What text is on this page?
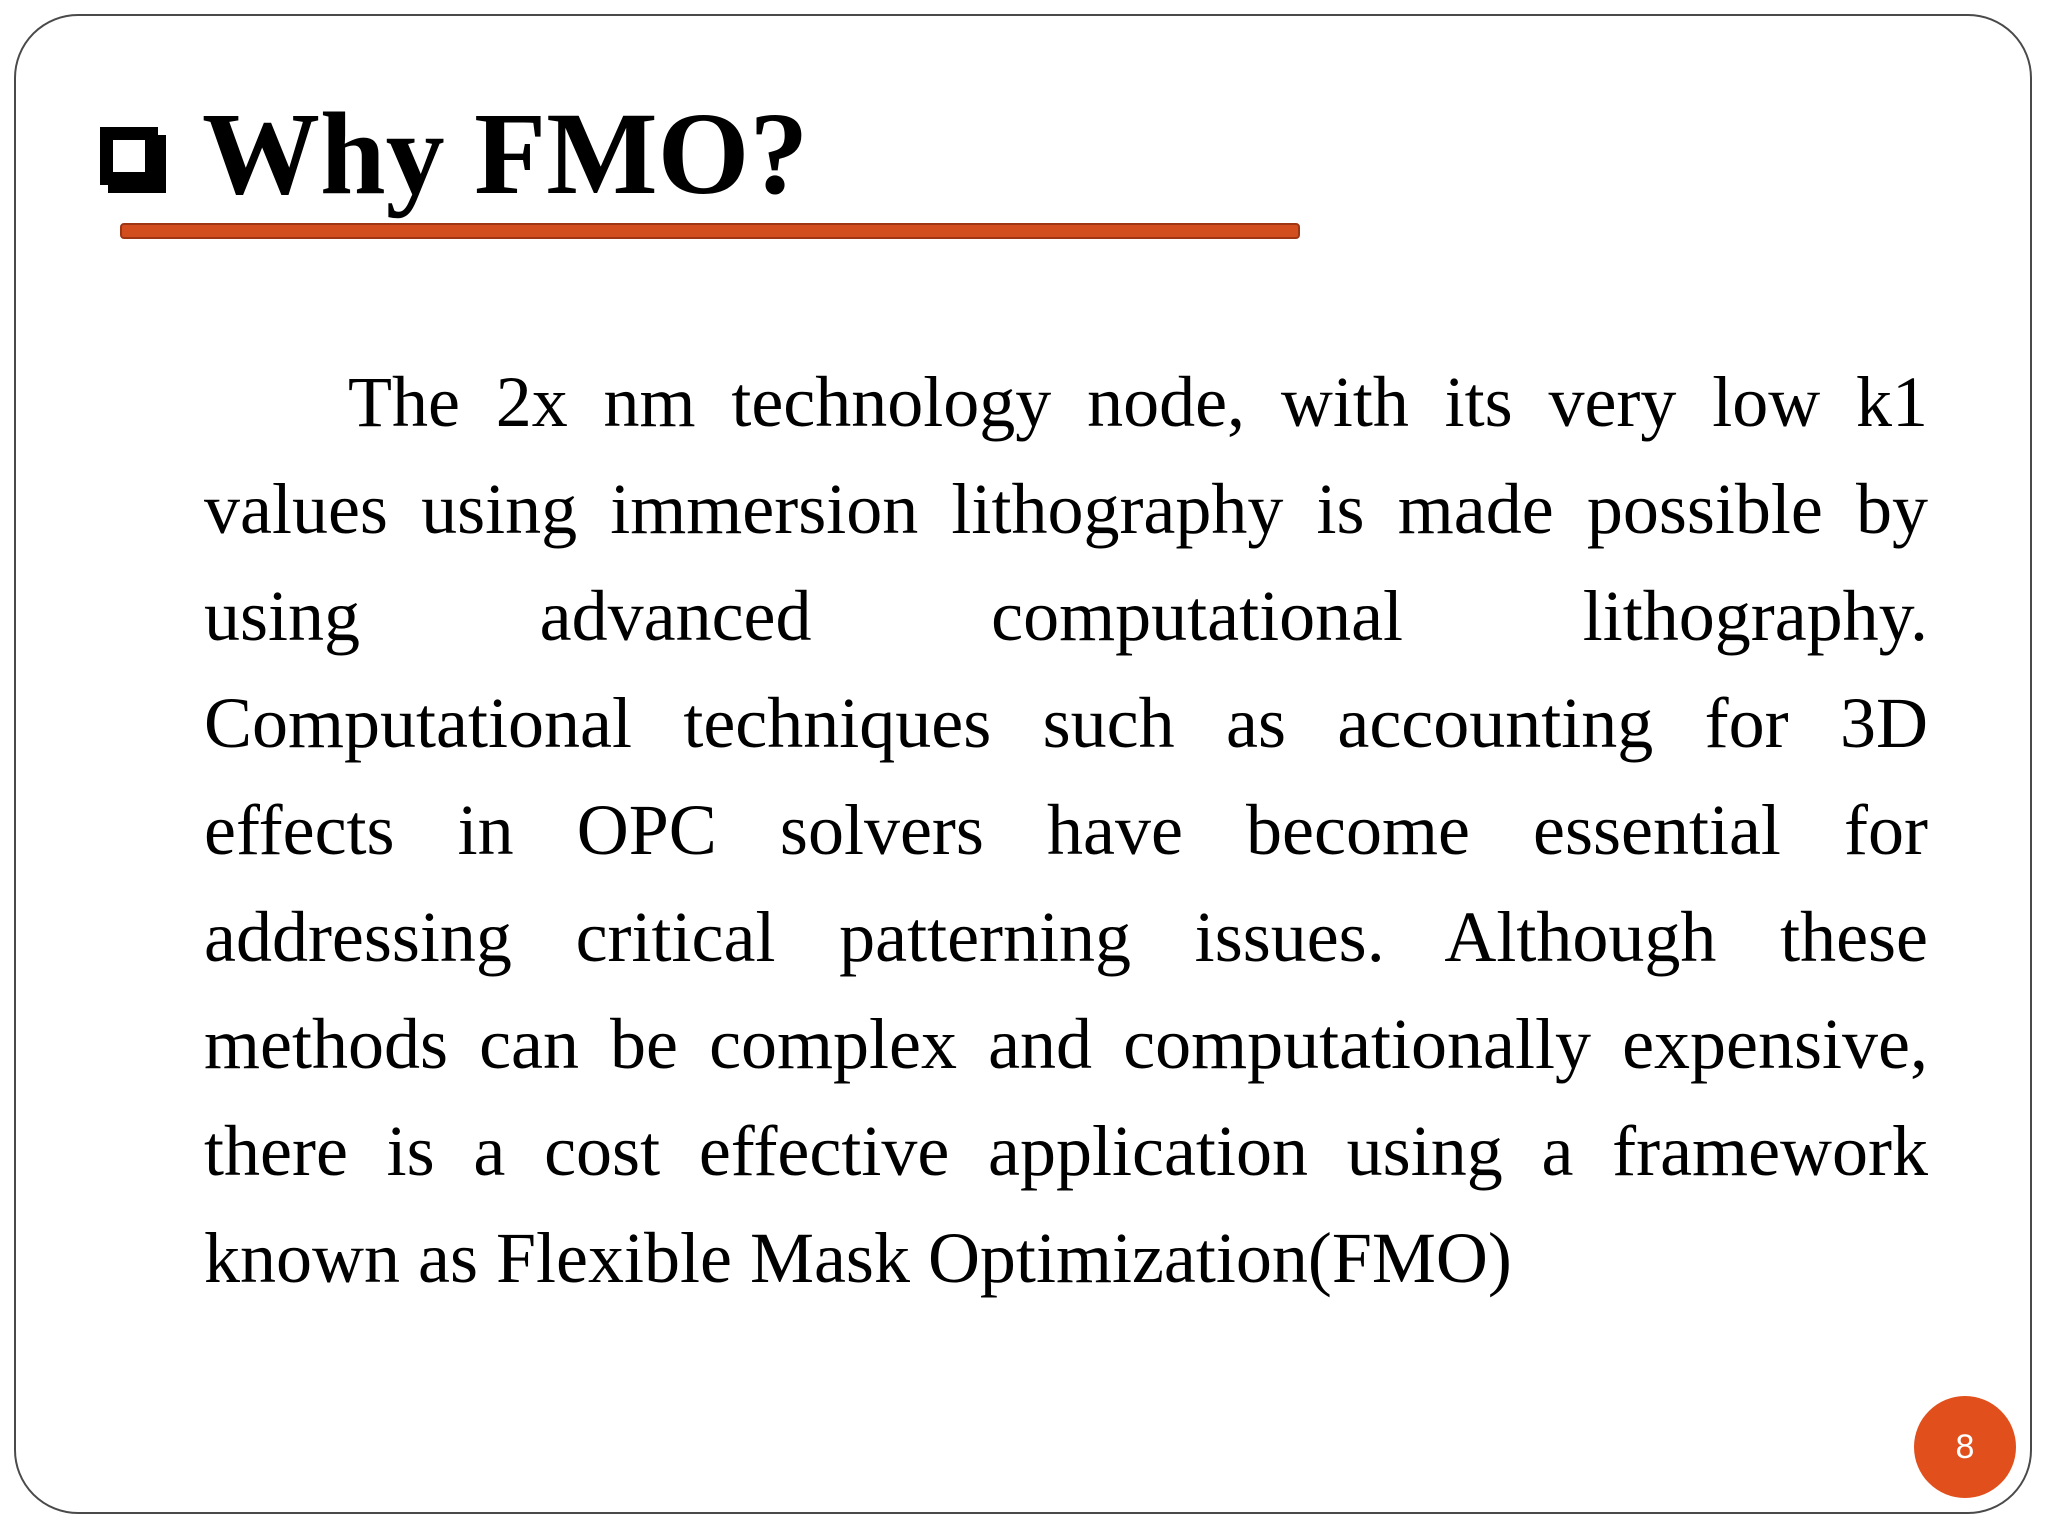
Why FMO?

The 2x nm technology node, with its very low k1
values using immersion lithography is made possible by
using advanced computational lithography.
Computational techniques such as accounting for 3D
effects in OPC solvers have become essential for
addressing critical patterning issues. Although these
methods can be complex and computationally expensive,
there is a cost effective application using a framework
known as Flexible Mask Optimization(FMO)

8
